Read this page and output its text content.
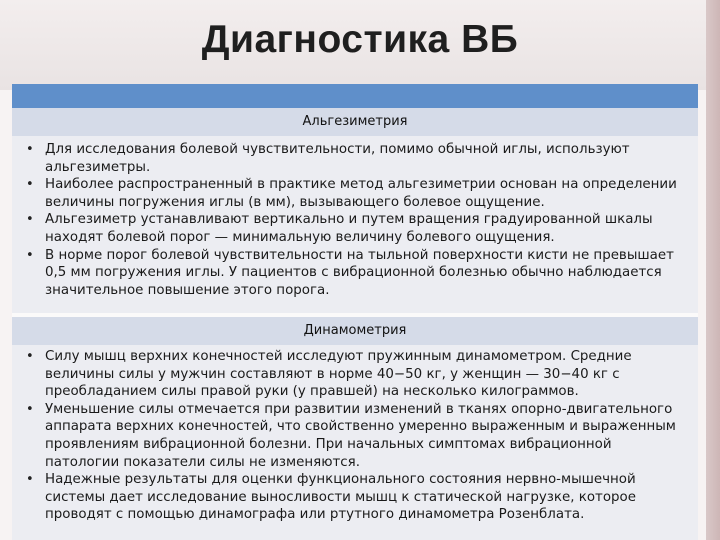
Диагностика ВБ
Альгезиметрия
• Для исследования болевой чувствительности, помимо обычной иглы, используют альгезиметры.
• Наиболее распространенный в практике метод альгезиметрии основан на определении величины погружения иглы (в мм), вызывающего болевое ощущение.
• Альгезиметр устанавливают вертикально и путем вращения градуированной шкалы находят болевой порог — минимальную величину болевого ощущения.
• В норме порог болевой чувствительности на тыльной поверхности кисти не превышает 0,5 мм погружения иглы. У пациентов с вибрационной болезнью обычно наблюдается значительное повышение этого порога.
Динамометрия
• Силу мышц верхних конечностей исследуют пружинным динамометром. Средние величины силы у мужчин составляют в норме 40−50 кг, у женщин — 30−40 кг с преобладанием силы правой руки (у правшей) на несколько килограммов.
• Уменьшение силы отмечается при развитии изменений в тканях опорно-двигательного аппарата верхних конечностей, что свойственно умеренно выраженным и выраженным проявлениям вибрационной болезни. При начальных симптомах вибрационной патологии показатели силы не изменяются.
• Надежные результаты для оценки функционального состояния нервно-мышечной системы дает исследование выносливости мышц к статической нагрузке, которое проводят с помощью динамографа или ртутного динамометра Розенблата.
